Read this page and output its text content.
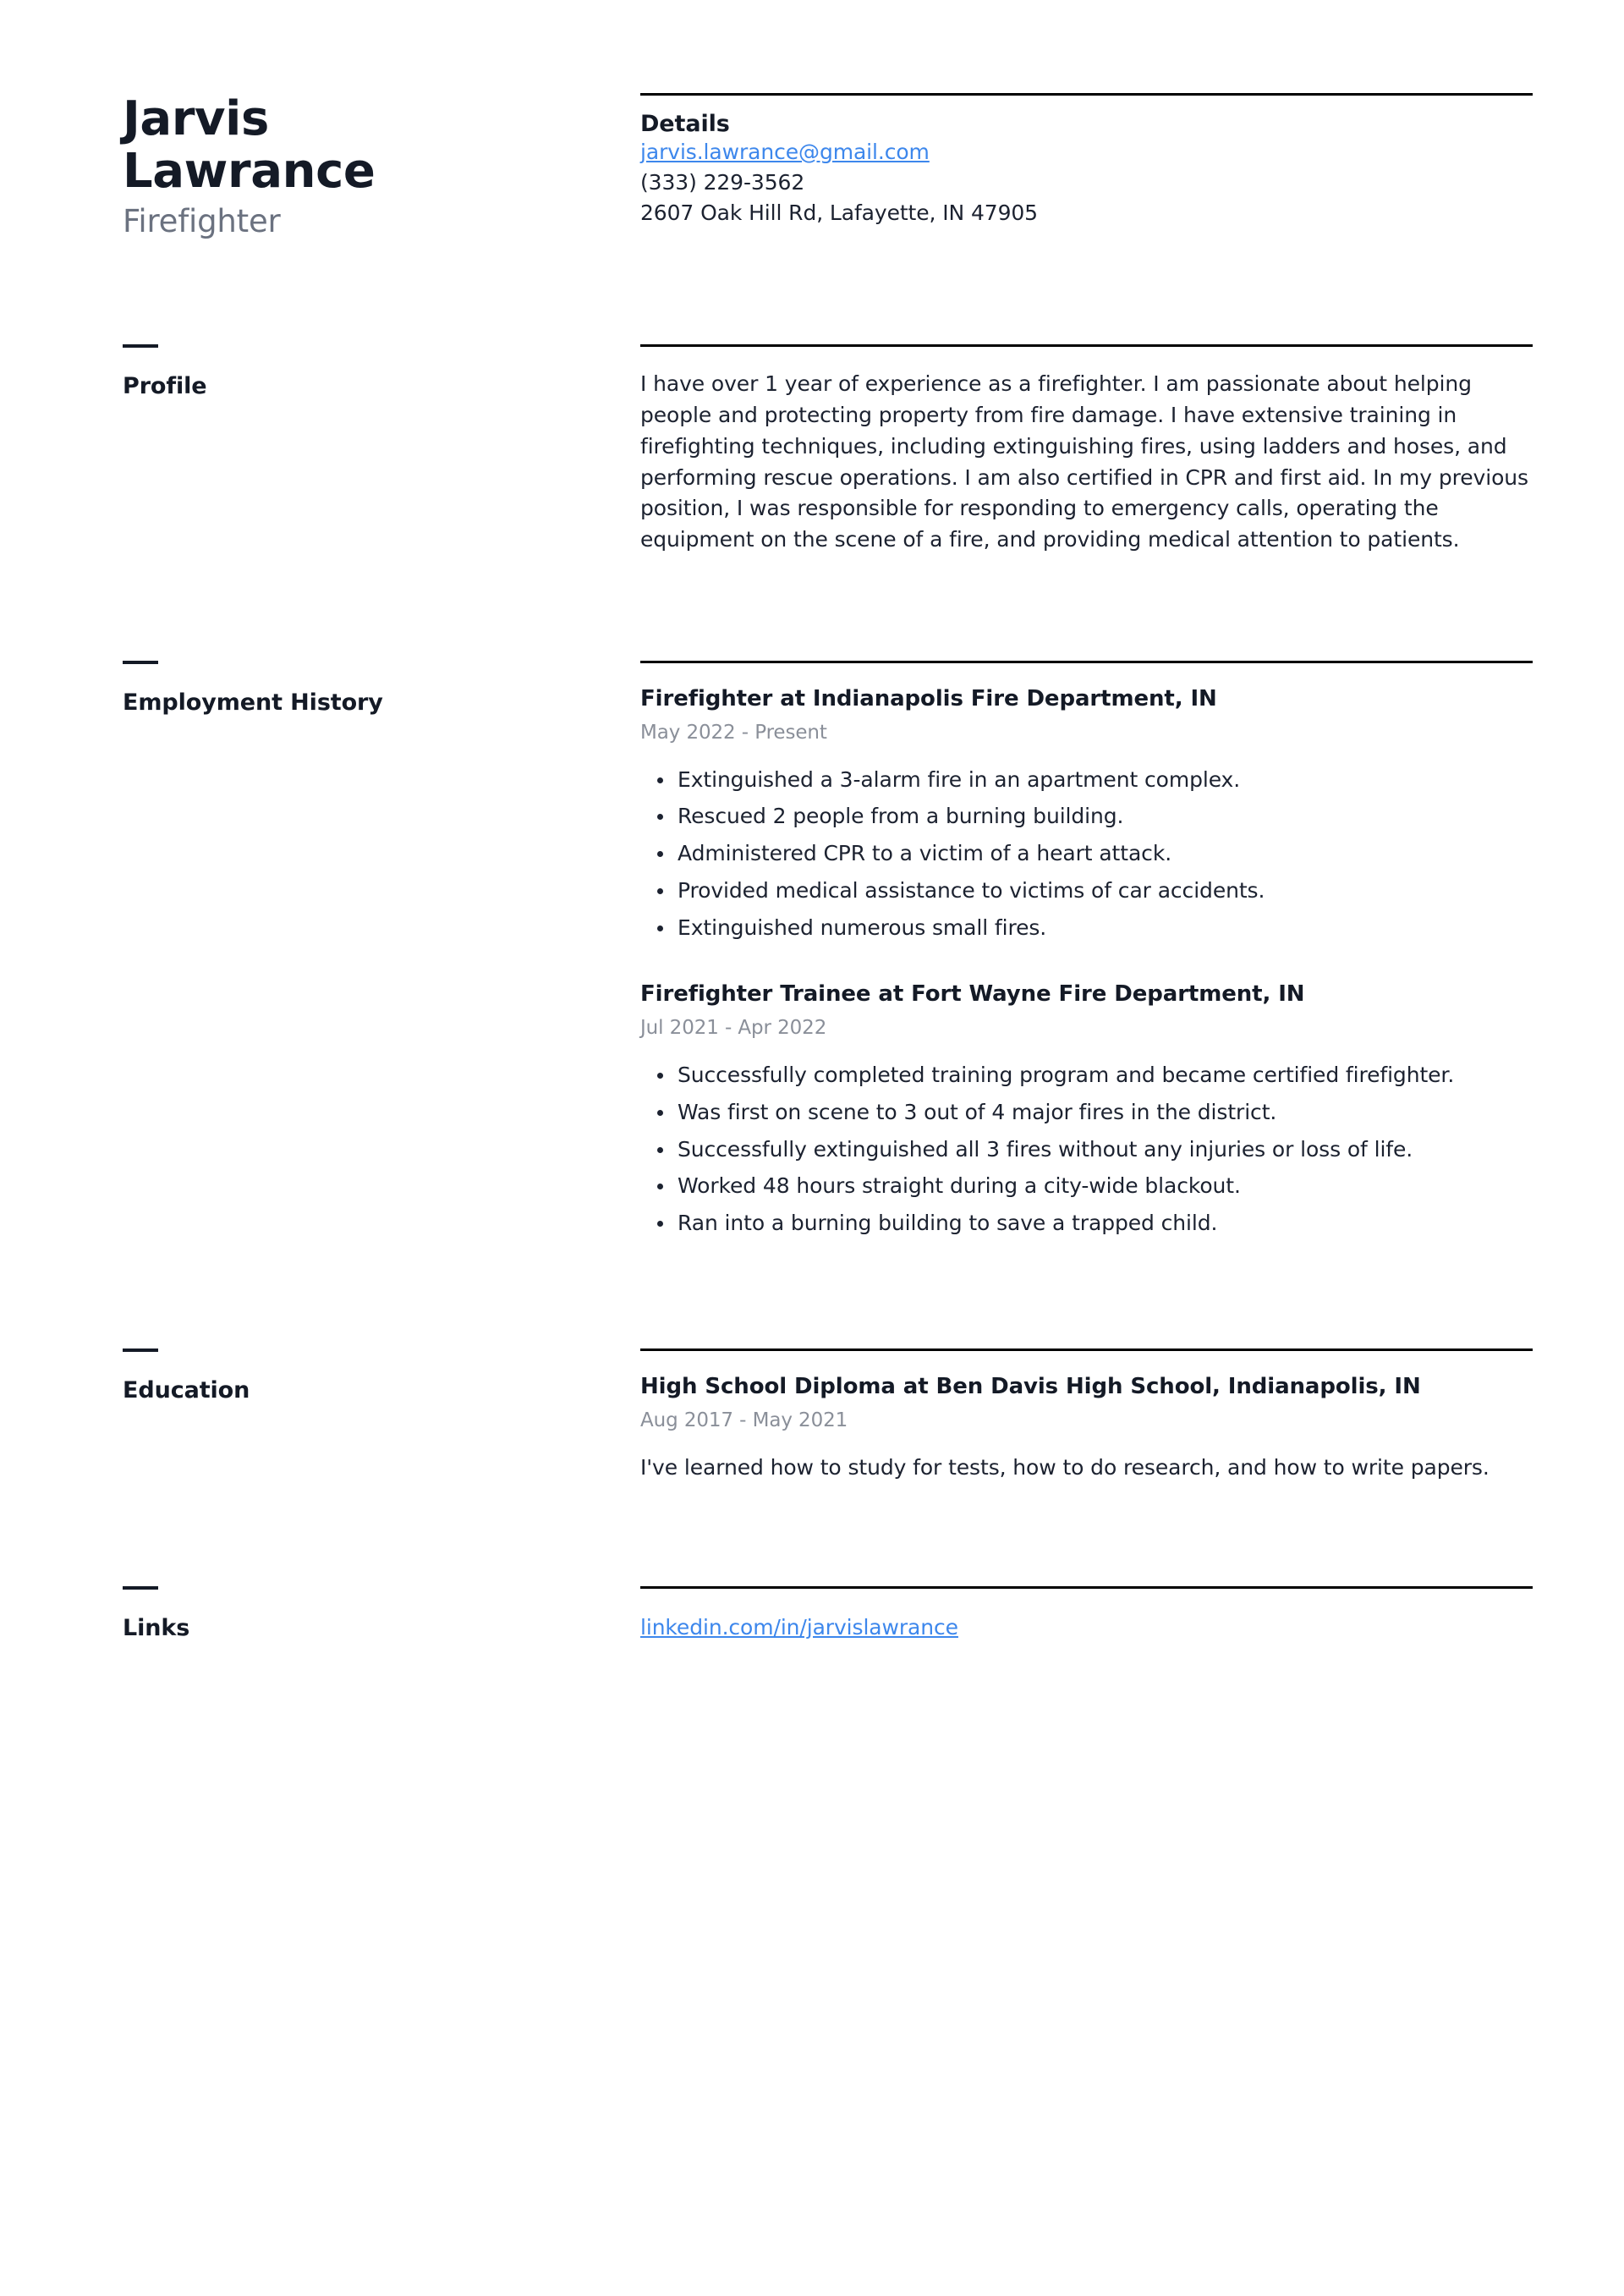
Jarvis
Lawrance
Firefighter
Details
jarvis.lawrance@gmail.com
(333) 229-3562
2607 Oak Hill Rd, Lafayette, IN 47905
Profile	I have over 1 year of experience as a firefighter. I am passionate about helping people and protecting property from fire damage. I have extensive training in firefighting techniques, including extinguishing fires, using ladders and hoses, and performing rescue operations. I am also certified in CPR and first aid. In my previous position, I was responsible for responding to emergency calls, operating the equipment on the scene of a fire, and providing medical attention to patients.
Employment History	Firefighter at Indianapolis Fire Department, IN
May 2022 - Present
Extinguished a 3-alarm fire in an apartment complex.
Rescued 2 people from a burning building.
Administered CPR to a victim of a heart attack.
Provided medical assistance to victims of car accidents.
Extinguished numerous small fires.
Firefighter Trainee at Fort Wayne Fire Department, IN
Jul 2021 - Apr 2022
Successfully completed training program and became certified firefighter.
Was first on scene to 3 out of 4 major fires in the district.
Successfully extinguished all 3 fires without any injuries or loss of life.
Worked 48 hours straight during a city-wide blackout.
Ran into a burning building to save a trapped child.
Education	High School Diploma at Ben Davis High School, Indianapolis, IN
Aug 2017 - May 2021
I've learned how to study for tests, how to do research, and how to write papers.
Links	linkedin.com/in/jarvislawrance
